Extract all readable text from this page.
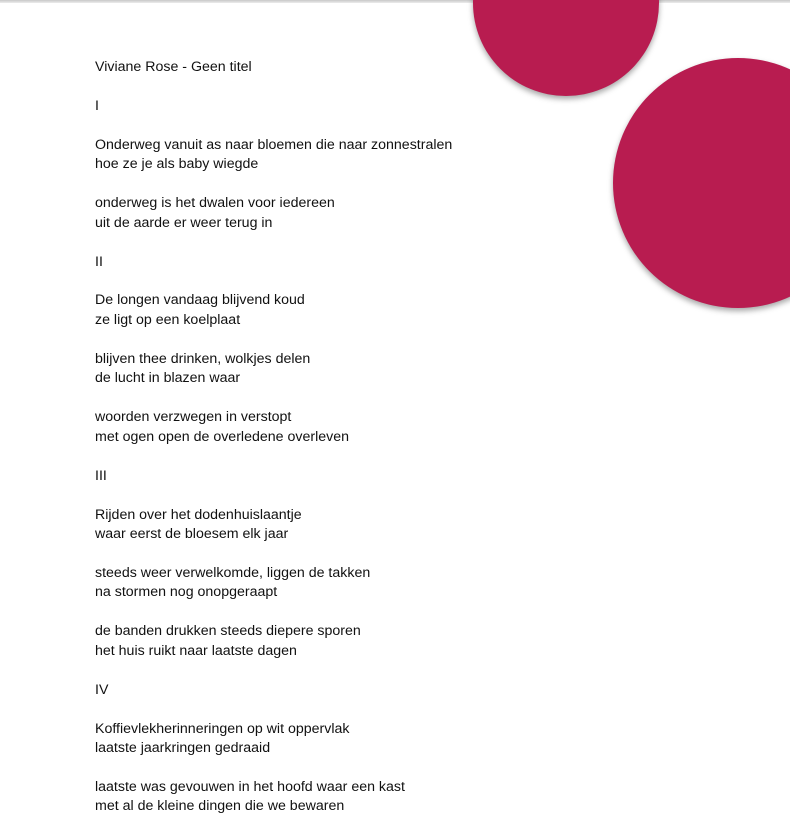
Viviane Rose - Geen titel
I
Onderweg vanuit as naar bloemen die naar zonnestralen
hoe ze je als baby wiegde
onderweg is het dwalen voor iedereen
uit de aarde er weer terug in
II
De longen vandaag blijvend koud
ze ligt op een koelplaat
blijven thee drinken, wolkjes delen
de lucht in blazen waar
woorden verzwegen in verstopt
met ogen open de overledene overleven
III
Rijden over het dodenhuislaantje
waar eerst de bloesem elk jaar
steeds weer verwelkomde, liggen de takken
na stormen nog onopgeraapt
de banden drukken steeds diepere sporen
het huis ruikt naar laatste dagen
IV
Koffievlekherinneringen op wit oppervlak
laatste jaarkringen gedraaid
laatste was gevouwen in het hoofd waar een kast
met al de kleine dingen die we bewaren
